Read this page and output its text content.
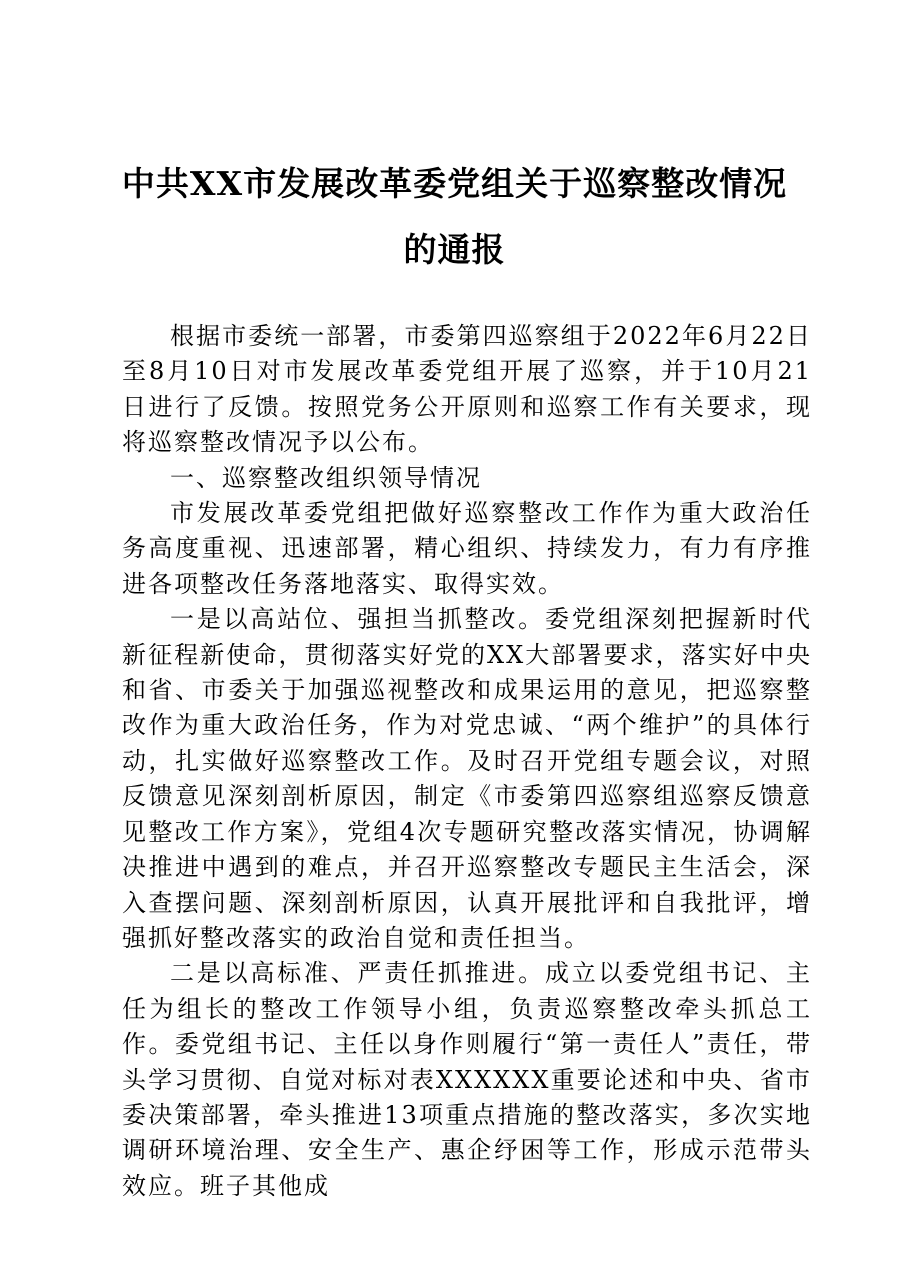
中共XX市发展改革委党组关于巡察整改情况
的通报

根据市委统一部署，市委第四巡察组于2022年6月22日至8月10日对市发展改革委党组开展了巡察，并于10月21日进行了反馈。按照党务公开原则和巡察工作有关要求，现将巡察整改情况予以公布。

一、巡察整改组织领导情况

市发展改革委党组把做好巡察整改工作作为重大政治任务高度重视、迅速部署，精心组织、持续发力，有力有序推进各项整改任务落地落实、取得实效。

一是以高站位、强担当抓整改。委党组深刻把握新时代新征程新使命，贯彻落实好党的XX大部署要求，落实好中央和省、市委关于加强巡视整改和成果运用的意见，把巡察整改作为重大政治任务，作为对党忠诚、“两个维护”的具体行动，扎实做好巡察整改工作。及时召开党组专题会议，对照反馈意见深刻剖析原因，制定《市委第四巡察组巡察反馈意见整改工作方案》，党组4次专题研究整改落实情况，协调解决推进中遇到的难点，并召开巡察整改专题民主生活会，深入查摆问题、深刻剖析原因，认真开展批评和自我批评，增强抓好整改落实的政治自觉和责任担当。

二是以高标准、严责任抓推进。成立以委党组书记、主任为组长的整改工作领导小组，负责巡察整改牵头抓总工作。委党组书记、主任以身作则履行“第一责任人”责任，带头学习贯彻、自觉对标对表XXXXXX重要论述和中央、省市委决策部署，牵头推进13项重点措施的整改落实，多次实地调研环境治理、安全生产、惠企纾困等工作，形成示范带头效应。班子其他成
